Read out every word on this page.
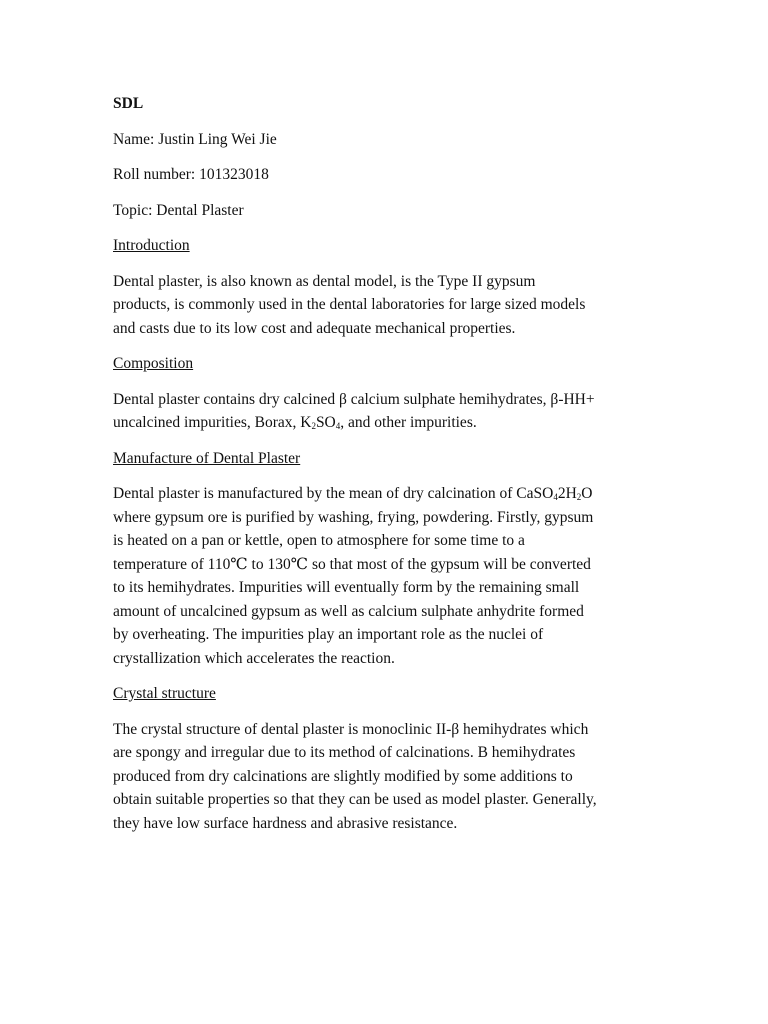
SDL
Name: Justin Ling Wei Jie
Roll number: 101323018
Topic: Dental Plaster
Introduction
Dental plaster, is also known as dental model, is the Type II gypsum
products, is commonly used in the dental laboratories for large sized models
and casts due to its low cost and adequate mechanical properties.
Composition
Dental plaster contains dry calcined β calcium sulphate hemihydrates, β-HH+
uncalcined impurities, Borax, $K_2SO_4$, and other impurities.
Manufacture of Dental Plaster
Dental plaster is manufactured by the mean of dry calcination of $CaSO_42H_2O$
where gypsum ore is purified by washing, frying, powdering. Firstly, gypsum
is heated on a pan or kettle, open to atmosphere for some time to a
temperature of 110℃ to 130℃ so that most of the gypsum will be converted
to its hemihydrates. Impurities will eventually form by the remaining small
amount of uncalcined gypsum as well as calcium sulphate anhydrite formed
by overheating. The impurities play an important role as the nuclei of
crystallization which accelerates the reaction.
Crystal structure
The crystal structure of dental plaster is monoclinic II-β hemihydrates which
are spongy and irregular due to its method of calcinations. B hemihydrates
produced from dry calcinations are slightly modified by some additions to
obtain suitable properties so that they can be used as model plaster. Generally,
they have low surface hardness and abrasive resistance.
